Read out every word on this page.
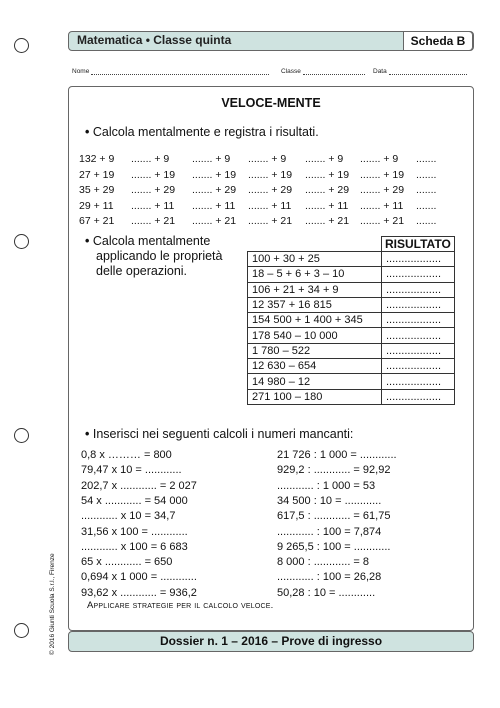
Matematica • Classe quinta	Scheda B
Nome	Classe	Data
VELOCE-MENTE
• Calcola mentalmente e registra i risultati.
132 + 9 ....... + 9 ....... + 9 ....... + 9 ....... + 9 ....... + 9 .......
27 + 19 ....... + 19 ....... + 19 ....... + 19 ....... + 19 ....... + 19 .......
35 + 29 ....... + 29 ....... + 29 ....... + 29 ....... + 29 ....... + 29 .......
29 + 11 ....... + 11 ....... + 11 ....... + 11 ....... + 11 ....... + 11 .......
67 + 21 ....... + 21 ....... + 21 ....... + 21 ....... + 21 ....... + 21 .......
• Calcola mentalmente
applicando le proprietà
delle operazioni.
	RISULTATO
100 + 30 + 25	..................
18 – 5 + 6 + 3 – 10	..................
106 + 21 + 34 + 9	..................
12 357 + 16 815	..................
154 500 + 1 400 + 345	..................
178 540 – 10 000	..................
1 780 – 522	..................
12 630 – 654	..................
14 980 – 12	..................
271 100 – 180	..................
• Inserisci nei seguenti calcoli i numeri mancanti:
0,8 x ……… = 800
79,47 x 10 = ............
202,7 x ............ = 2 027
54 x ............ = 54 000
............ x 10 = 34,7
31,56 x 100 = ............
............ x 100 = 6 683
65 x ............ = 650
0,694 x 1 000 = ............
93,62 x ............ = 936,2
21 726 : 1 000 = ............
929,2 : ............ = 92,92
............ : 1 000 = 53
34 500 : 10 = ............
617,5 : ............ = 61,75
............ : 100 = 7,874
9 265,5 : 100 = ............
8 000 : ............ = 8
............ : 100 = 26,28
50,28 : 10 = ............
Applicare strategie per il calcolo veloce.
Dossier n. 1 – 2016 – Prove di ingresso
© 2016 Giunti Scuola S.r.l., Firenze
